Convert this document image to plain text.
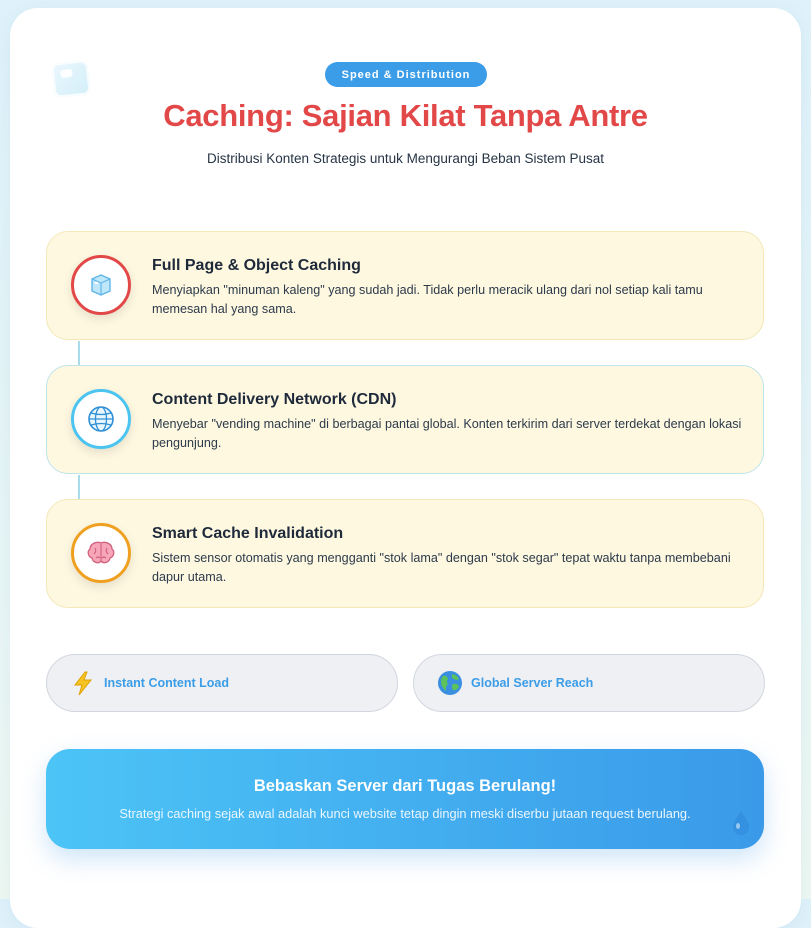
Speed & Distribution
Caching: Sajian Kilat Tanpa Antre
Distribusi Konten Strategis untuk Mengurangi Beban Sistem Pusat
Full Page & Object Caching
Menyiapkan "minuman kaleng" yang sudah jadi. Tidak perlu meracik ulang dari nol setiap kali tamu memesan hal yang sama.
Content Delivery Network (CDN)
Menyebar "vending machine" di berbagai pantai global. Konten terkirim dari server terdekat dengan lokasi pengunjung.
Smart Cache Invalidation
Sistem sensor otomatis yang mengganti "stok lama" dengan "stok segar" tepat waktu tanpa membebani dapur utama.
Instant Content Load	Global Server Reach
Bebaskan Server dari Tugas Berulang!
Strategi caching sejak awal adalah kunci website tetap dingin meski diserbu jutaan request berulang.
